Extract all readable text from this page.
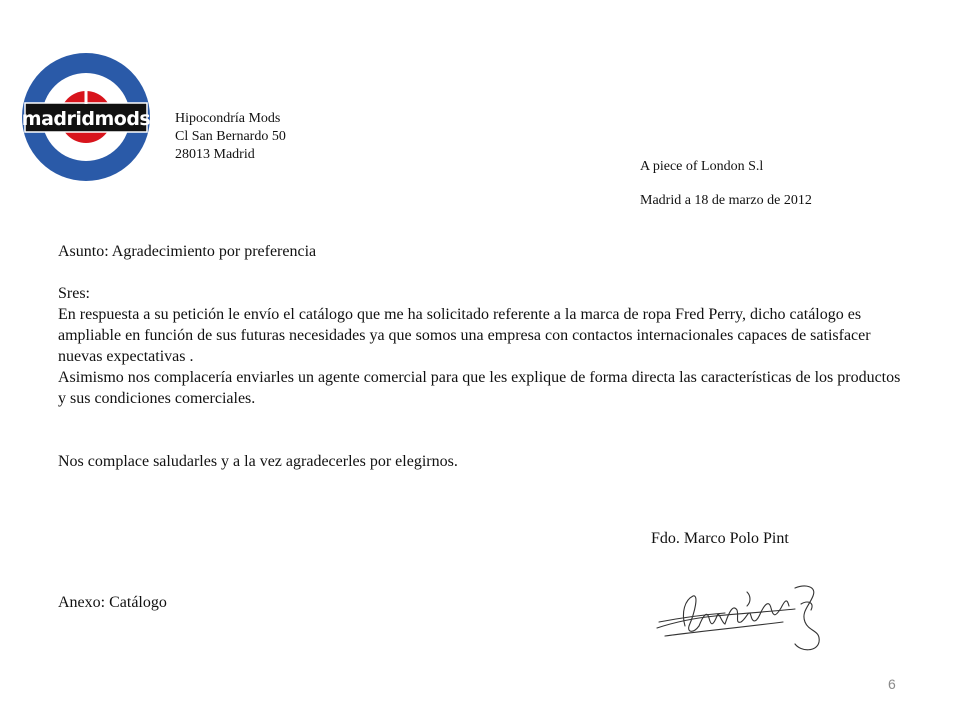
madridmods Hipocondría Mods
Cl San Bernardo 50
28013 Madrid
A piece of London S.l
Madrid a 18 de marzo de 2012

Asunto: Agradecimiento por preferencia

Sres:

En respuesta a su petición le envío el catálogo que me ha solicitado referente a la marca de ropa Fred Perry, dicho catálogo es ampliable en función de sus futuras necesidades ya que somos una empresa con contactos internacionales capaces de satisfacer nuevas expectativas .

Asimismo nos complacería enviarles un agente comercial para que les explique de forma directa las características de los productos y sus condiciones comerciales.

Nos complace saludarles y a la vez agradecerles por elegirnos.

Fdo. Marco Polo Pint
Anexo: Catálogo
6
